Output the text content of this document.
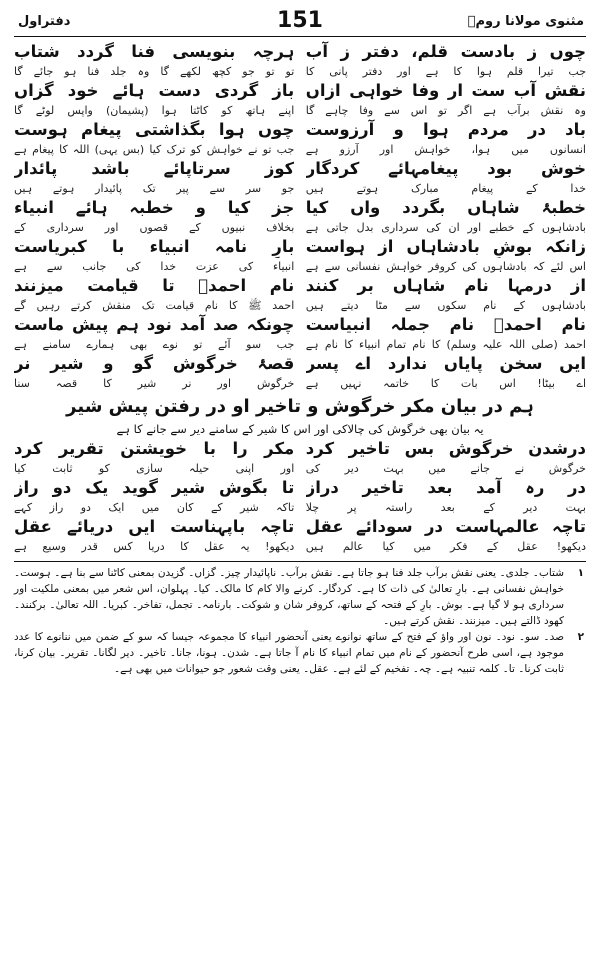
مثنوی مولانا رومؒ
151
دفتراول
چوں ز بادست قلم، دفتر ز آب
جب تیرا قلم ہوا کا ہے اور دفتر پانی کا
ہرچہ بنویسی فنا گردد شتاب
تو تو جو کچھ لکھے گا وہ جلد فنا ہو جائے گا
نقش آب ست ار وفا خواہی ازاں
وہ نقش برآب ہے اگر تو اس سے وفا چاہے گا
باز گردی دست ہائے خود گزاں
اپنے ہاتھ کو کاٹتا ہوا (پشیمان) واپس لوٹے گا
باد در مردم ہوا و آرزوست
انسانوں میں ہوا، خواہش اور آرزو ہے
چوں ہوا بگذاشتی پیغام ہوست
جب تو نے خواہش کو ترک کیا (بس یہی) اللہ کا پیغام ہے
خوش بود پیغامہائے کردگار
خدا کے پیغام مبارک ہوتے ہیں
کوز سرتاپائے باشد پائدار
جو سر سے پیر تک پائیدار ہوتے ہیں
خطبۂ شاہاں بگردد واں کیا
بادشاہوں کے خطبے اور ان کی سرداری بدل جاتی ہے
جز کیا و خطبہ ہائے انبیاء
بخلاف نبیوں کے قصوں اور سرداری کے
زانکہ بوشِ بادشاہاں از ہواست
اس لئے کہ بادشاہوں کی کروفر خواہش نفسانی سے ہے
بارِ نامہ انبیاء با کبریاست
انبیاء کی عزت خدا کی جانب سے ہے
از درمہا نام شاہاں بر کنند
بادشاہوں کے نام سکوں سے مٹا دیتے ہیں
نام احمدؐ تا قیامت میزنند
احمد ﷺ کا نام قیامت تک منقش کرتے رہیں گے
نام احمدؐ نام جملہ انبیاست
احمد (صلی اللہ علیہ وسلم) کا نام تمام انبیاء کا نام ہے
چونکہ صد آمد نود ہم پیش ماست
جب سو آئے تو نوے بھی ہمارے سامنے ہے
ایں سخن پایاں ندارد اے پسر
اے بیٹا! اس بات کا خاتمہ نہیں ہے
قصۂ خرگوش گو و شیر نر
خرگوش اور نر شیر کا قصہ سنا
ہم در بیان مکر خرگوش و تاخیر او در رفتن پیش شیر
یہ بیان بھی خرگوش کی چالاکی اور اس کا شیر کے سامنے دیر سے جانے کا ہے
درشدن خرگوش بس تاخیر کرد
خرگوش نے جانے میں بہت دیر کی
مکر را با خویشتن تقریر کرد
اور اپنی حیلہ سازی کو ثابت کیا
در رہ آمد بعد تاخیر دراز
بہت دیر کے بعد راستہ پر چلا
تا بگوش شیر گوید یک دو راز
تاکہ شیر کے کان میں ایک دو راز کہے
تاچہ عالمہاست در سودائے عقل
دیکھو! عقل کے فکر میں کیا عالم ہیں
تاچہ باپہناست ایں دریائے عقل
دیکھو! یہ عقل کا دریا کس قدر وسیع ہے
۱

شتاب۔ جلدی۔ یعنی نقش برآب جلد فنا ہو جاتا ہے۔ نقش برآب۔ ناپائیدار چیز۔ گزاں۔ گزیدن بمعنی کاٹنا سے بنا ہے۔ ہوست۔ خواہش نفسانی ہے۔ بارِ تعالیٰ کی ذات کا ہے۔ کردگار۔ کرنے والا کام کا مالک۔ کیا۔ پہلوان، اس شعر میں بمعنی ملکیت اور سرداری ہو لا گیا ہے۔ بوش۔ بارِ کے فتحہ کے ساتھ، کروفر شان و شوکت۔ بارنامہ۔ تجمل، تفاخر۔ کبریا۔ اللہ تعالیٰ۔ برکنند۔ کھود ڈالتے ہیں۔ میزنند۔ نقش کرتے ہیں۔

۲

صد۔ سو۔ نود۔ نون اور واؤ کے فتح کے ساتھ نوانوے یعنی آنحضور انبیاء کا مجموعہ جیسا کہ سو کے ضمن میں ننانوے کا عدد موجود ہے، اسی طرح آنحضور کے نام میں تمام انبیاء کا نام آ جاتا ہے۔ شدن۔ ہونا، جانا۔ تاخیر۔ دیر لگانا۔ تقریر۔ بیان کرنا، ثابت کرنا۔ تا۔ کلمہ تنبیہ ہے۔ چہ۔ تفخیم کے لئے ہے۔ عقل۔ یعنی وقت شعور جو حیوانات میں بھی ہے۔
